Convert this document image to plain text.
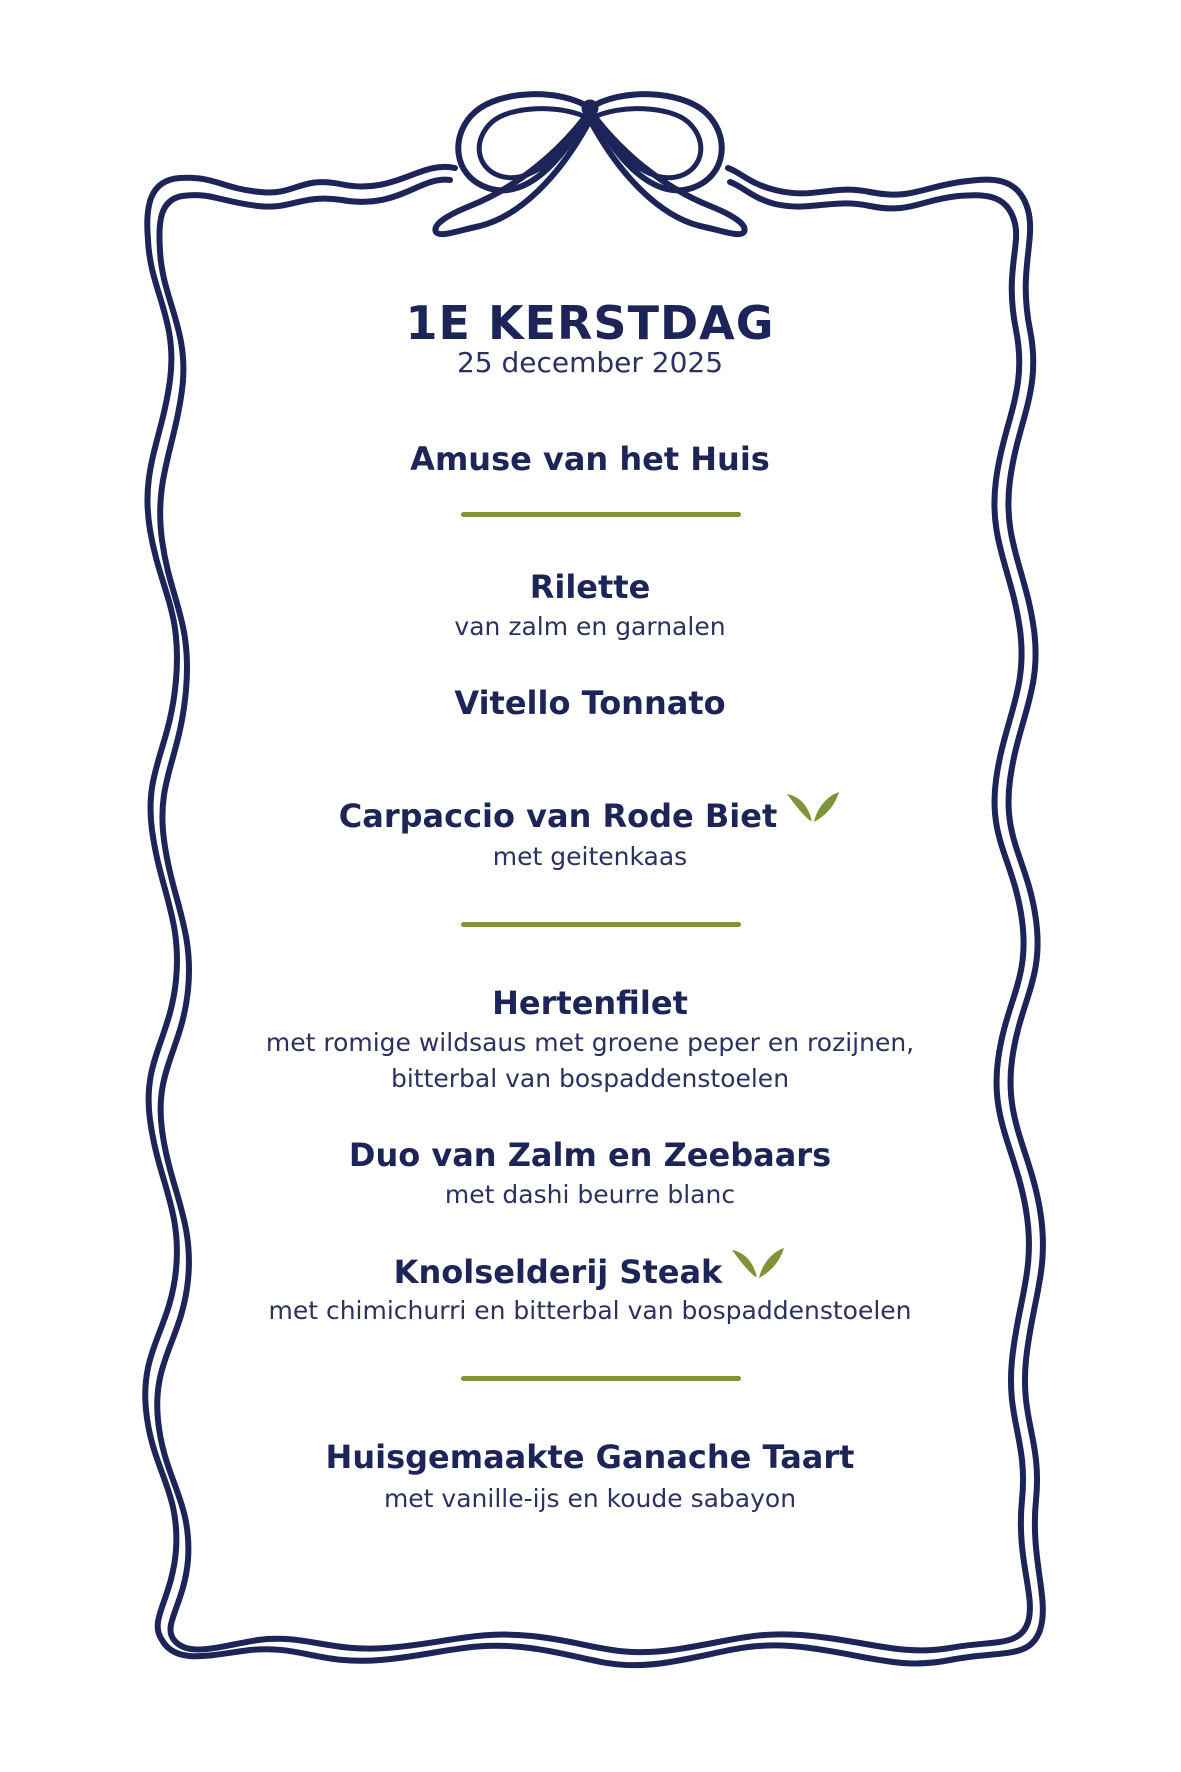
1E KERSTDAG
25 december 2025
Amuse van het Huis
Rilette
van zalm en garnalen
Vitello Tonnato
Carpaccio van Rode Biet
met geitenkaas
Hertenfilet
met romige wildsaus met groene peper en rozijnen,
bitterbal van bospaddenstoelen
Duo van Zalm en Zeebaars
met dashi beurre blanc
Knolselderij Steak
met chimichurri en bitterbal van bospaddenstoelen
Huisgemaakte Ganache Taart
met vanille-ijs en koude sabayon
